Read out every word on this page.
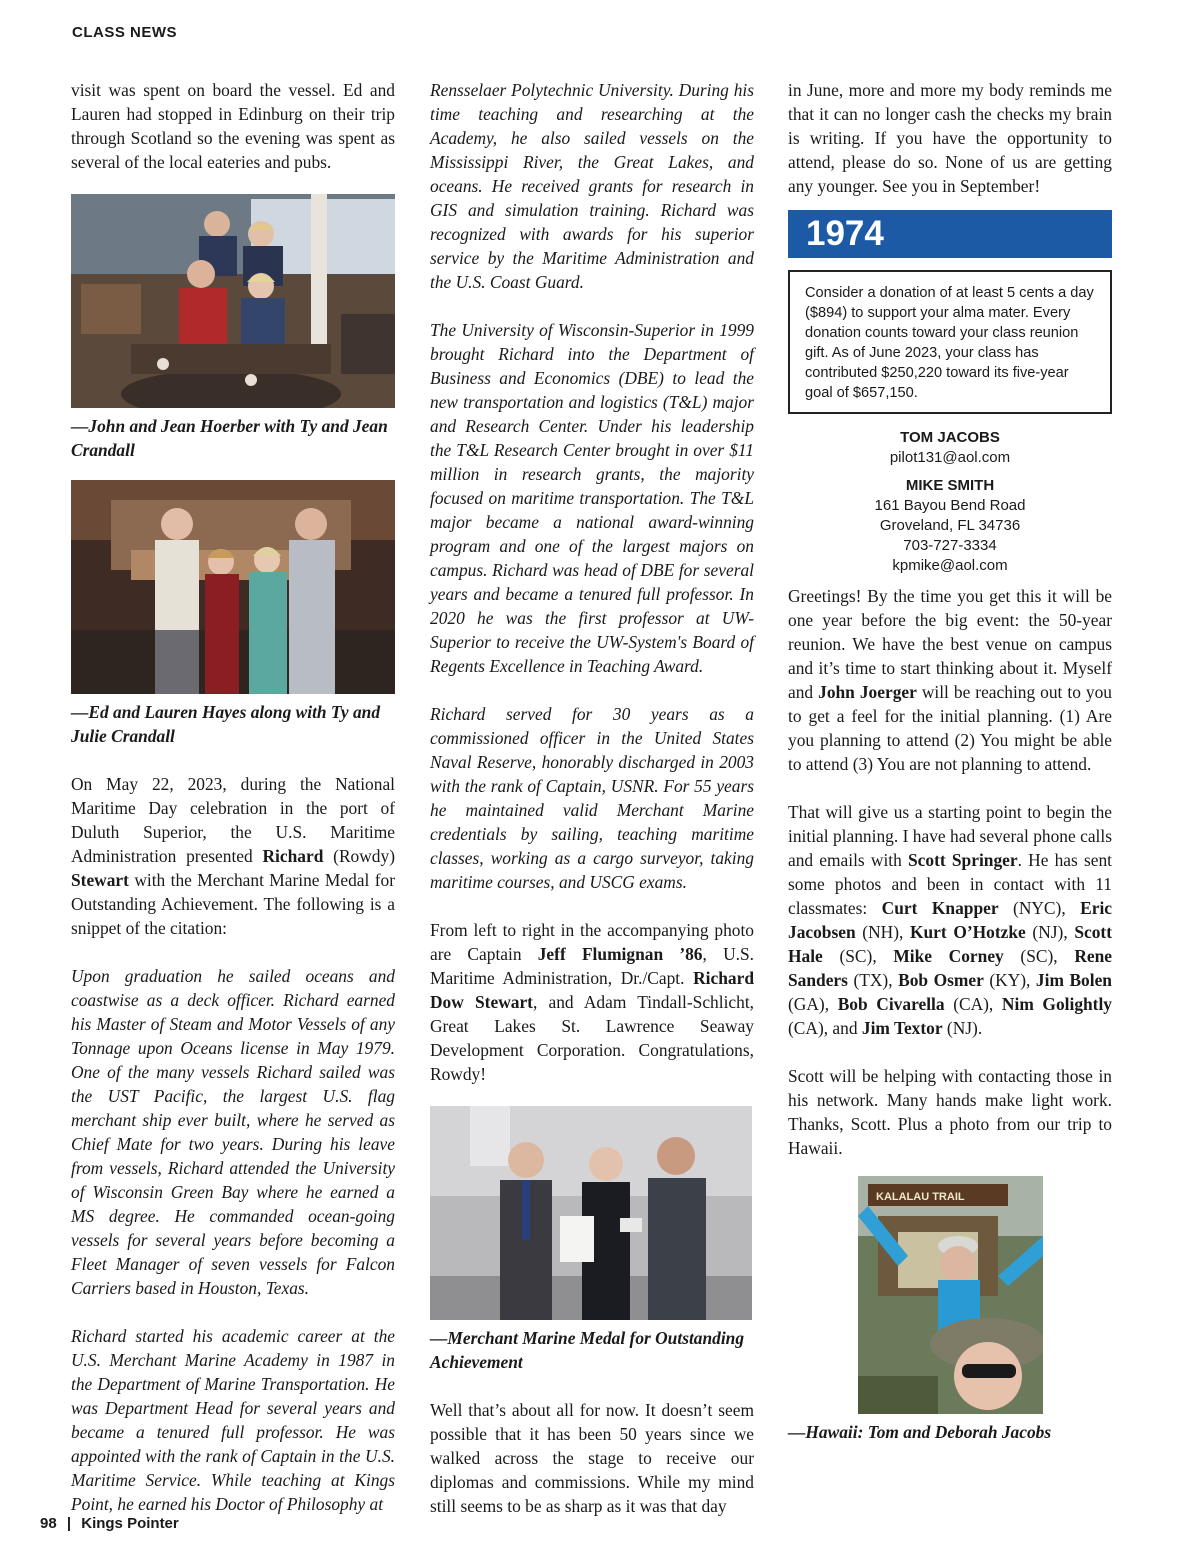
CLASS NEWS

visit was spent on board the vessel. Ed and Lauren had stopped in Edinburg on their trip through Scotland so the evening was spent as several of the local eateries and pubs.

—John and Jean Hoerber with Ty and Jean Crandall
—Ed and Lauren Hayes along with Ty and Julie Crandall

On May 22, 2023, during the National Maritime Day celebration in the port of Duluth Superior, the U.S. Maritime Administration presented Richard (Rowdy) Stewart with the Merchant Marine Medal for Outstanding Achievement. The following is a snippet of the citation:

Upon graduation he sailed oceans and coastwise as a deck officer. Richard earned his Master of Steam and Motor Vessels of any Tonnage upon Oceans license in May 1979. One of the many vessels Richard sailed was the UST Pacific, the largest U.S. flag merchant ship ever built, where he served as Chief Mate for two years. During his leave from vessels, Richard attended the University of Wisconsin Green Bay where he earned a MS degree. He commanded ocean-going vessels for several years before becoming a Fleet Manager of seven vessels for Falcon Carriers based in Houston, Texas.

Richard started his academic career at the U.S. Merchant Marine Academy in 1987 in the Department of Marine Transportation. He was Department Head for several years and became a tenured full professor. He was appointed with the rank of Captain in the U.S. Maritime Service. While teaching at Kings Point, he earned his Doctor of Philosophy at

Rensselaer Polytechnic University. During his time teaching and researching at the Academy, he also sailed vessels on the Mississippi River, the Great Lakes, and oceans. He received grants for research in GIS and simulation training. Richard was recognized with awards for his superior service by the Maritime Administration and the U.S. Coast Guard.

The University of Wisconsin-Superior in 1999 brought Richard into the Department of Business and Economics (DBE) to lead the new transportation and logistics (T&L) major and Research Center. Under his leadership the T&L Research Center brought in over $11 million in research grants, the majority focused on maritime transportation. The T&L major became a national award-winning program and one of the largest majors on campus. Richard was head of DBE for several years and became a tenured full professor. In 2020 he was the first professor at UW-Superior to receive the UW-System's Board of Regents Excellence in Teaching Award.

Richard served for 30 years as a commissioned officer in the United States Naval Reserve, honorably discharged in 2003 with the rank of Captain, USNR. For 55 years he maintained valid Merchant Marine credentials by sailing, teaching maritime classes, working as a cargo surveyor, taking maritime courses, and USCG exams.

From left to right in the accompanying photo are Captain Jeff Flumignan ’86, U.S. Maritime Administration, Dr./Capt. Richard Dow Stewart, and Adam Tindall-Schlicht, Great Lakes St. Lawrence Seaway Development Corporation. Congratulations, Rowdy!

—Merchant Marine Medal for Outstanding Achievement

Well that’s about all for now. It doesn’t seem possible that it has been 50 years since we walked across the stage to receive our diplomas and commissions. While my mind still seems to be as sharp as it was that day

in June, more and more my body reminds me that it can no longer cash the checks my brain is writing. If you have the opportunity to attend, please do so. None of us are getting any younger. See you in September!

1974
Consider a donation of at least 5 cents a day ($894) to support your alma mater. Every donation counts toward your class reunion gift. As of June 2023, your class has contributed $250,220 toward its five-year goal of $657,150.
TOM JACOBS
pilot131@aol.com
MIKE SMITH
161 Bayou Bend Road
Groveland, FL 34736
703-727-3334
kpmike@aol.com

Greetings! By the time you get this it will be one year before the big event: the 50-year reunion. We have the best venue on campus and it’s time to start thinking about it. Myself and John Joerger will be reaching out to you to get a feel for the initial planning. (1) Are you planning to attend (2) You might be able to attend (3) You are not planning to attend.

That will give us a starting point to begin the initial planning. I have had several phone calls and emails with Scott Springer. He has sent some photos and been in contact with 11 classmates: Curt Knapper (NYC), Eric Jacobsen (NH), Kurt O’Hotzke (NJ), Scott Hale (SC), Mike Corney (SC), Rene Sanders (TX), Bob Osmer (KY), Jim Bolen (GA), Bob Civarella (CA), Nim Golightly (CA), and Jim Textor (NJ).

Scott will be helping with contacting those in his network. Many hands make light work. Thanks, Scott. Plus a photo from our trip to Hawaii.

KALALAU TRAIL
—Hawaii: Tom and Deborah Jacobs
98 | Kings Pointer
